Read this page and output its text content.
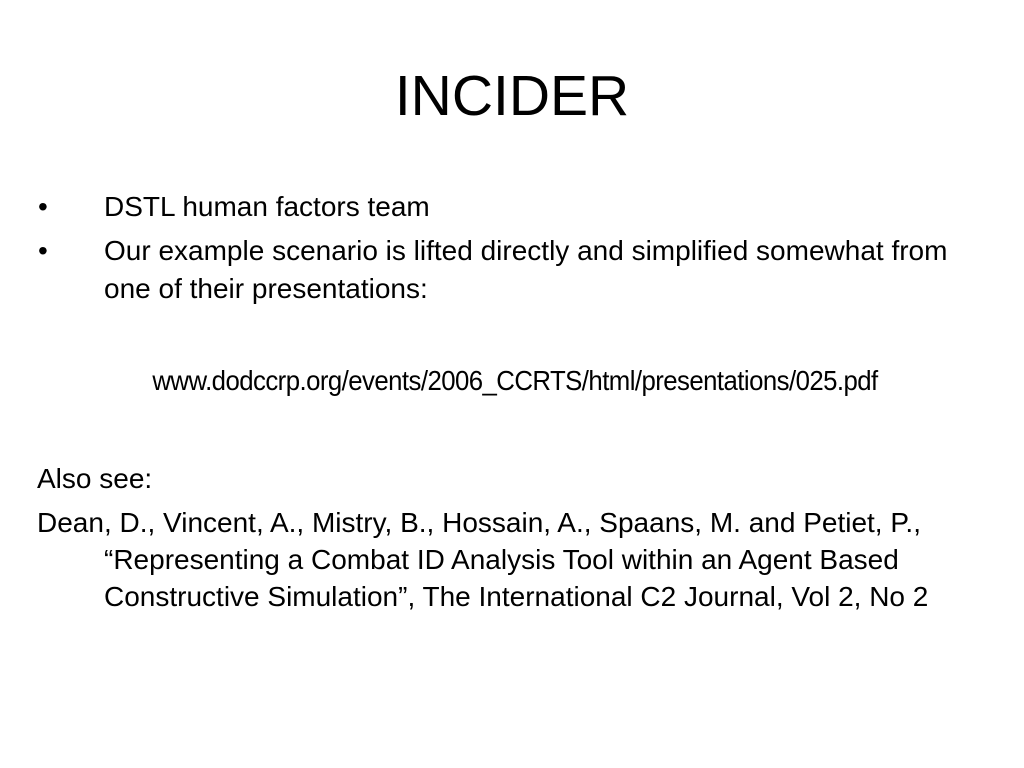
INCIDER
• DSTL human factors team
• Our example scenario is lifted directly and simplified somewhat from one of their presentations:
www.dodccrp.org/events/2006_CCRTS/html/presentations/025.pdf

Also see:

Dean, D., Vincent, A., Mistry, B., Hossain, A., Spaans, M. and Petiet, P., “Representing a Combat ID Analysis Tool within an Agent Based Constructive Simulation”, The International C2 Journal, Vol 2, No 2
